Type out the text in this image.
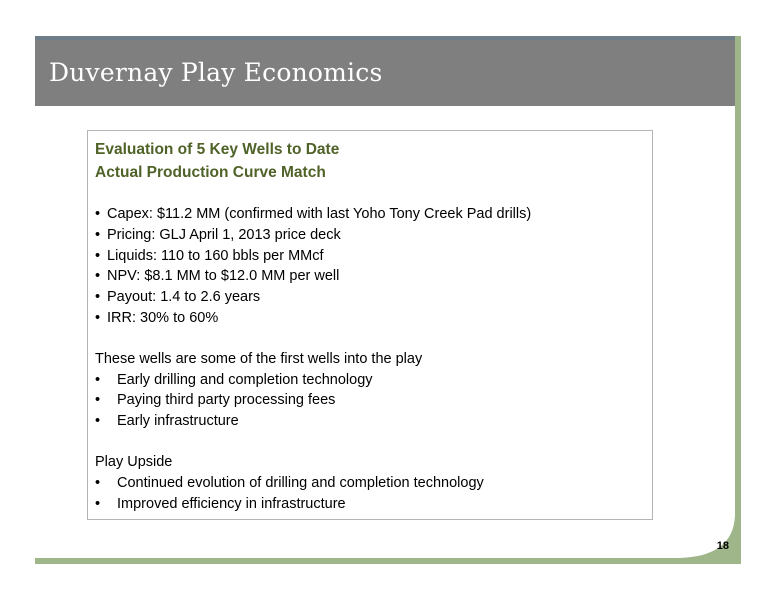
Duvernay Play Economics
Evaluation of 5 Key Wells to Date
Actual Production Curve Match
• Capex: $11.2 MM (confirmed with last Yoho Tony Creek Pad drills)
• Pricing: GLJ April 1, 2013 price deck
• Liquids: 110 to 160 bbls per MMcf
• NPV: $8.1 MM to $12.0 MM per well
• Payout: 1.4 to 2.6 years
• IRR: 30% to 60%
These wells are some of the first wells into the play
• Early drilling and completion technology
• Paying third party processing fees
• Early infrastructure
Play Upside
• Continued evolution of drilling and completion technology
• Improved efficiency in infrastructure
18
